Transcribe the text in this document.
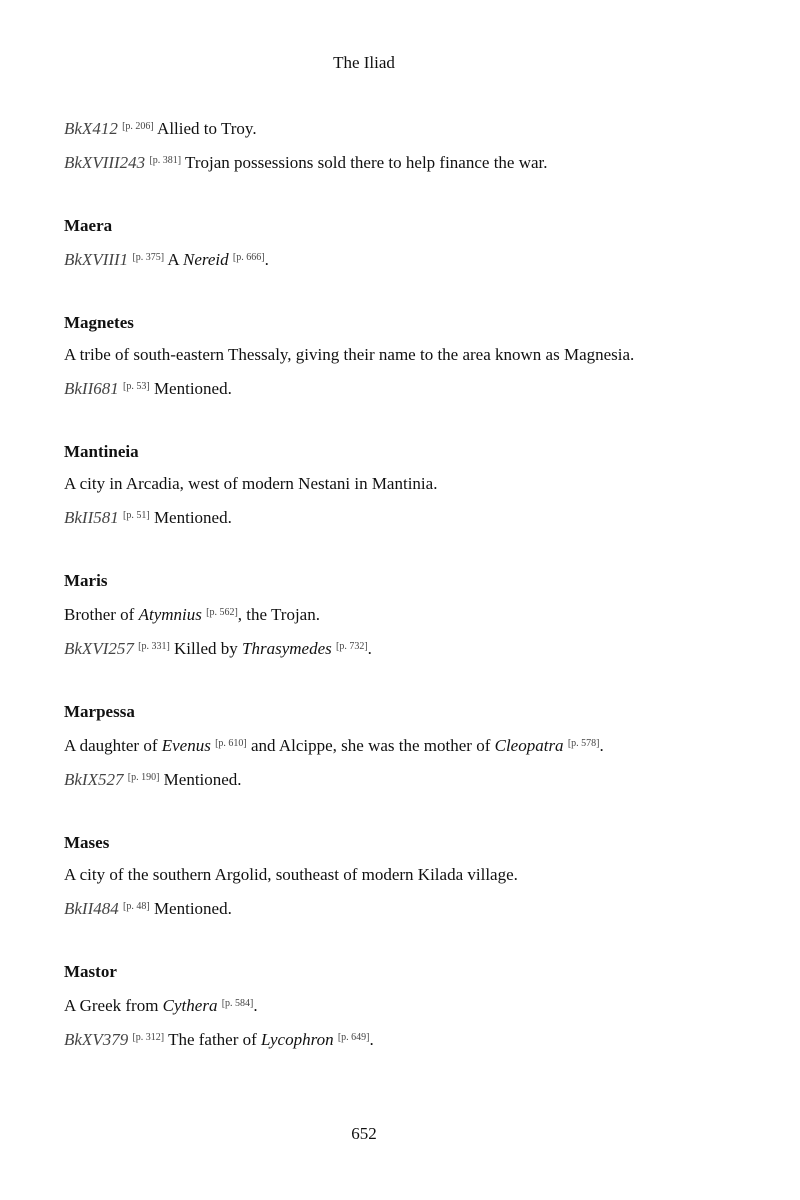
The Iliad

BkX412 [p. 206] Allied to Troy.

BkXVIII243 [p. 381] Trojan possessions sold there to help finance the war.

Maera

BkXVIII1 [p. 375] A Nereid [p. 666].

Magnetes

A tribe of south-eastern Thessaly, giving their name to the area known as Magnesia.

BkII681 [p. 53] Mentioned.

Mantineia

A city in Arcadia, west of modern Nestani in Mantinia.

BkII581 [p. 51] Mentioned.

Maris

Brother of Atymnius [p. 562], the Trojan.

BkXVI257 [p. 331] Killed by Thrasymedes [p. 732].

Marpessa

A daughter of Evenus [p. 610] and Alcippe, she was the mother of Cleopatra [p. 578].

BkIX527 [p. 190] Mentioned.

Mases

A city of the southern Argolid, southeast of modern Kilada village.

BkII484 [p. 48] Mentioned.

Mastor

A Greek from Cythera [p. 584].

BkXV379 [p. 312] The father of Lycophron [p. 649].

652
